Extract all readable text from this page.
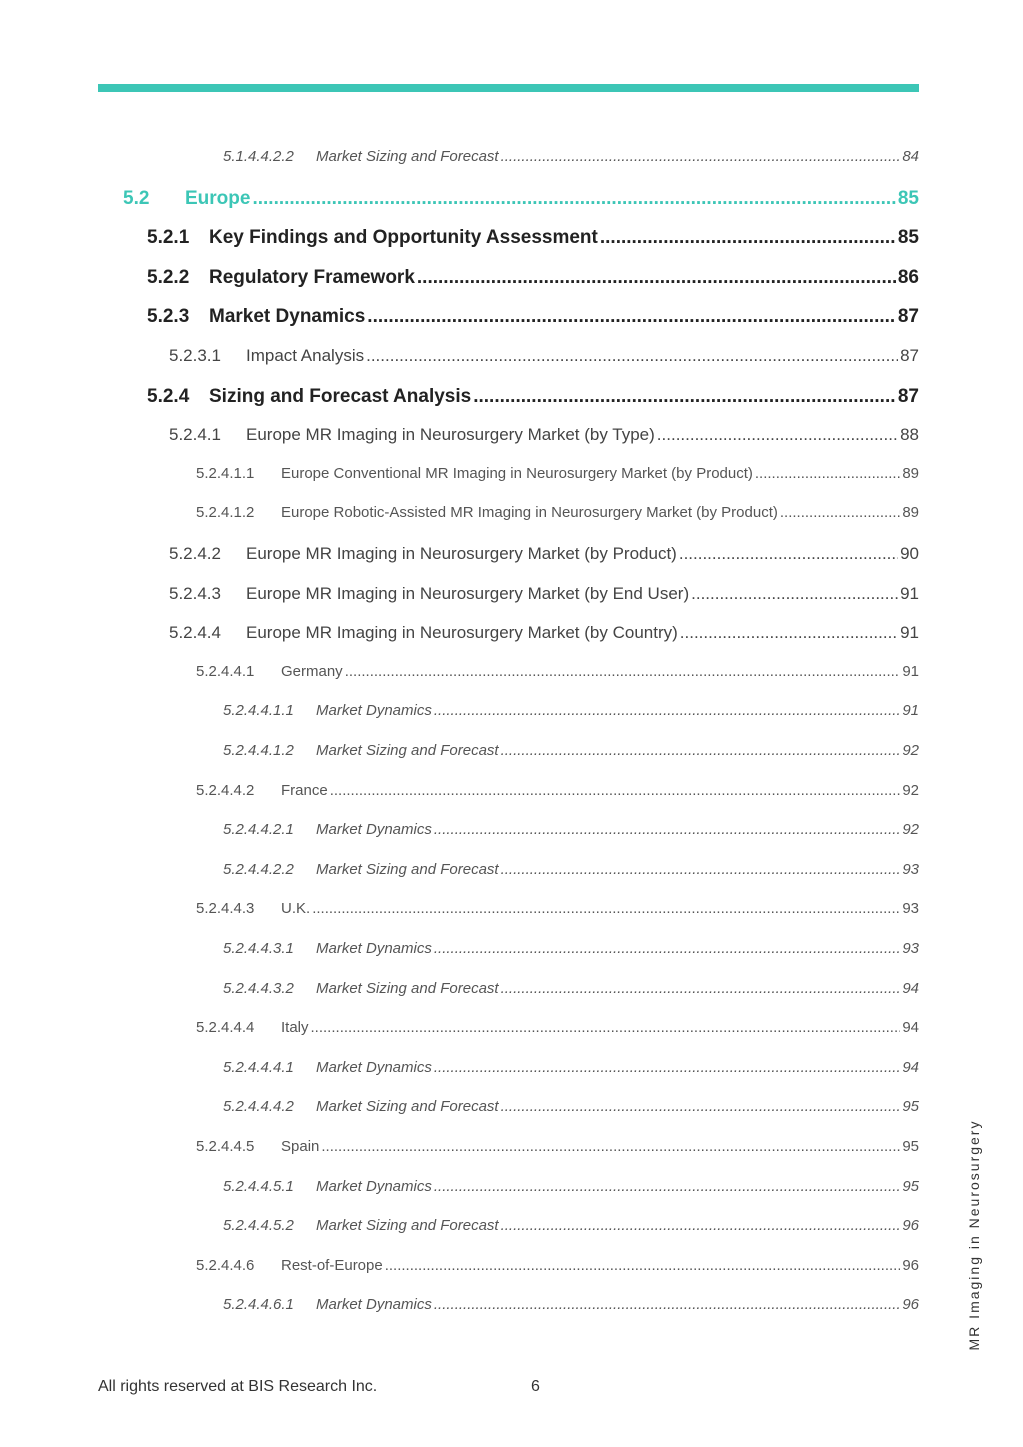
5.1.4.4.2.2	Market Sizing and Forecast .....	84
5.2	Europe .....	85
5.2.1	Key Findings and Opportunity Assessment .....	85
5.2.2	Regulatory Framework .....	86
5.2.3	Market Dynamics .....	87
5.2.3.1	Impact Analysis .....	87
5.2.4	Sizing and Forecast Analysis .....	87
5.2.4.1	Europe MR Imaging in Neurosurgery Market (by Type) .....	88
5.2.4.1.1	Europe Conventional MR Imaging in Neurosurgery Market (by Product) .....	89
5.2.4.1.2	Europe Robotic-Assisted MR Imaging in Neurosurgery Market (by Product) .....	89
5.2.4.2	Europe MR Imaging in Neurosurgery Market (by Product) .....	90
5.2.4.3	Europe MR Imaging in Neurosurgery Market (by End User) .....	91
5.2.4.4	Europe MR Imaging in Neurosurgery Market (by Country) .....	91
5.2.4.4.1	Germany .....	91
5.2.4.4.1.1	Market Dynamics .....	91
5.2.4.4.1.2	Market Sizing and Forecast .....	92
5.2.4.4.2	France .....	92
5.2.4.4.2.1	Market Dynamics .....	92
5.2.4.4.2.2	Market Sizing and Forecast .....	93
5.2.4.4.3	U.K. .....	93
5.2.4.4.3.1	Market Dynamics .....	93
5.2.4.4.3.2	Market Sizing and Forecast .....	94
5.2.4.4.4	Italy .....	94
5.2.4.4.4.1	Market Dynamics .....	94
5.2.4.4.4.2	Market Sizing and Forecast .....	95
5.2.4.4.5	Spain .....	95
5.2.4.4.5.1	Market Dynamics .....	95
5.2.4.4.5.2	Market Sizing and Forecast .....	96
5.2.4.4.6	Rest-of-Europe .....	96
5.2.4.4.6.1	Market Dynamics .....	96
All rights reserved at BIS Research Inc.	6
MR Imaging in Neurosurgery
